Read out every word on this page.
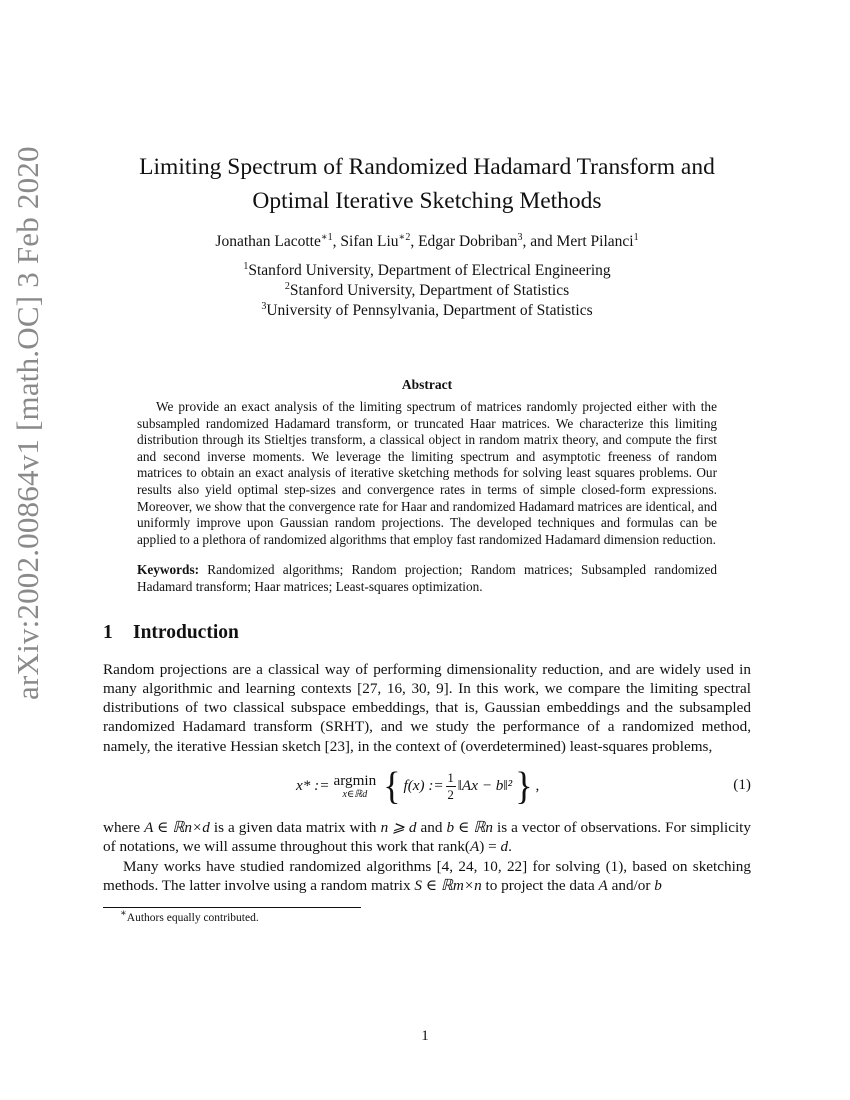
arXiv:2002.00864v1 [math.OC] 3 Feb 2020	Limiting Spectrum of Randomized Hadamard Transform and
Optimal Iterative Sketching Methods
Jonathan Lacotte$^{∗1}$, Sifan Liu$^{∗2}$, Edgar Dobriban$^3$, and Mert Pilanci$^1$
$^1$Stanford University, Department of Electrical Engineering
$^2$Stanford University, Department of Statistics
$^3$University of Pennsylvania, Department of Statistics
Abstract
We provide an exact analysis of the limiting spectrum of matrices randomly projected either with the subsampled randomized Hadamard transform, or truncated Haar matrices. We characterize this limiting distribution through its Stieltjes transform, a classical object in random matrix theory, and compute the first and second inverse moments. We leverage the limiting spectrum and asymptotic freeness of random matrices to obtain an exact analysis of iterative sketching methods for solving least squares problems. Our results also yield optimal step-sizes and convergence rates in terms of simple closed-form expressions. Moreover, we show that the convergence rate for Haar and randomized Hadamard matrices are identical, and uniformly improve upon Gaussian random projections. The developed techniques and formulas can be applied to a plethora of randomized algorithms that employ fast randomized Hadamard dimension reduction.
Keywords: Randomized algorithms; Random projection; Random matrices; Subsampled randomized Hadamard transform; Haar matrices; Least-squares optimization.
1	Introduction
Random projections are a classical way of performing dimensionality reduction, and are widely used in many algorithmic and learning contexts [27, 16, 30, 9]. In this work, we compare the limiting spectral distributions of two classical subspace embeddings, that is, Gaussian embeddings and the subsampled randomized Hadamard transform (SRHT), and we study the performance of a randomized method, namely, the iterative Hessian sketch [23], in the context of (overdetermined) least-squares problems,
x* := argmin
x∈ℝd { f(x) := $\frac{1}{2}$ ‖Ax − b‖² } ,	(1)
where A ∈ ℝn×d is a given data matrix with n ⩾ d and b ∈ ℝn is a vector of observations. For simplicity of notations, we will assume throughout this work that rank(A) = d.
Many works have studied randomized algorithms [4, 24, 10, 22] for solving (1), based on sketching methods. The latter involve using a random matrix S ∈ ℝm×n to project the data A and/or b
∗Authors equally contributed.
1
